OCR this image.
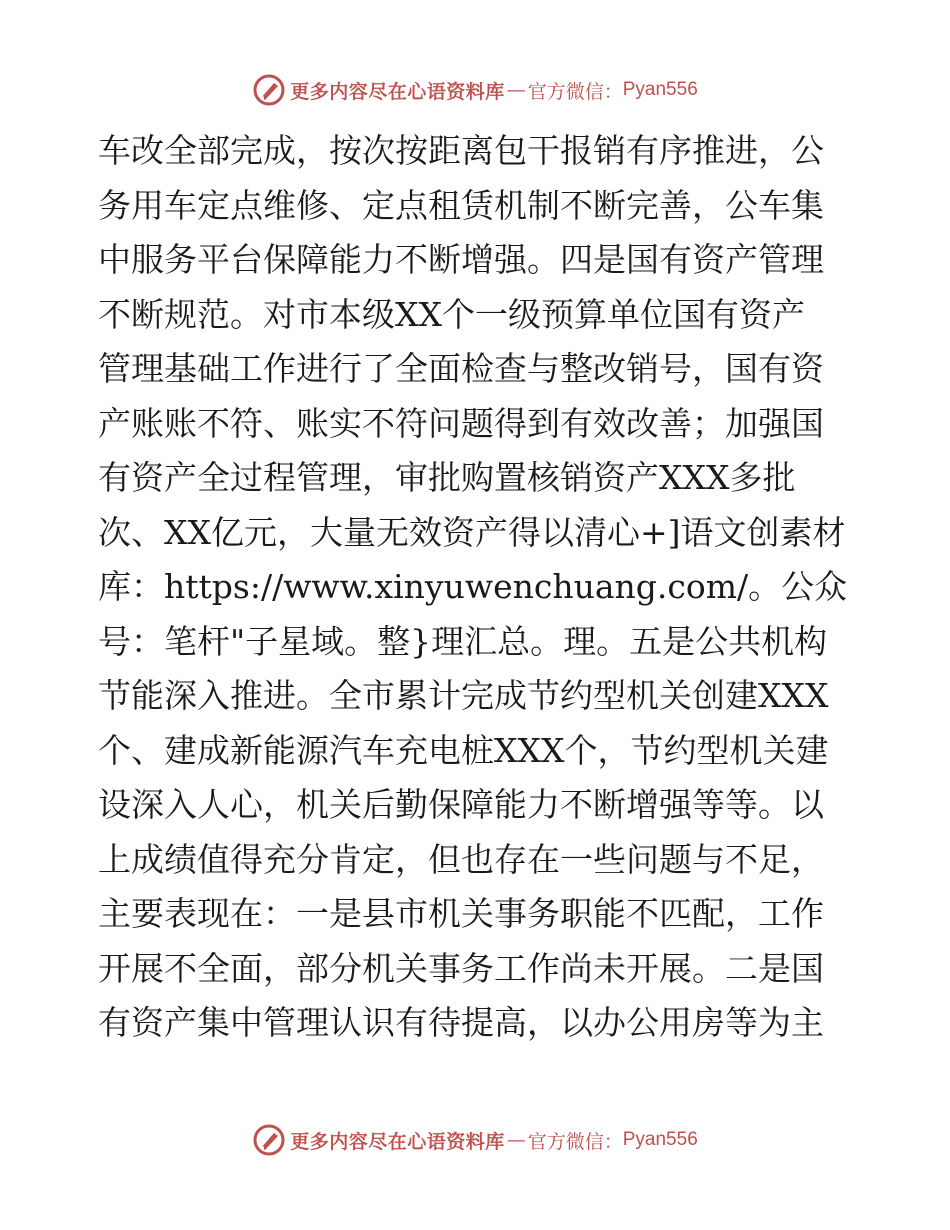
更多内容尽在心语资料库 — 官方微信： Pyan556
车改全部完成，按次按距离包干报销有序推进，公
务用车定点维修、定点租赁机制不断完善，公车集
中服务平台保障能力不断增强。四是国有资产管理
不断规范。对市本级XX个一级预算单位国有资产
管理基础工作进行了全面检查与整改销号，国有资
产账账不符、账实不符问题得到有效改善；加强国
有资产全过程管理，审批购置核销资产XXX多批
次、XX亿元，大量无效资产得以清心+]语文创素材
库：https://www.xinyuwenchuang.com/。公众
号：笔杆"子星域。整}理汇总。理。五是公共机构
节能深入推进。全市累计完成节约型机关创建XXX
个、建成新能源汽车充电桩XXX个，节约型机关建
设深入人心，机关后勤保障能力不断增强等等。以
上成绩值得充分肯定，但也存在一些问题与不足，
主要表现在：一是县市机关事务职能不匹配，工作
开展不全面，部分机关事务工作尚未开展。二是国
有资产集中管理认识有待提高，以办公用房等为主
更多内容尽在心语资料库 — 官方微信： Pyan556
